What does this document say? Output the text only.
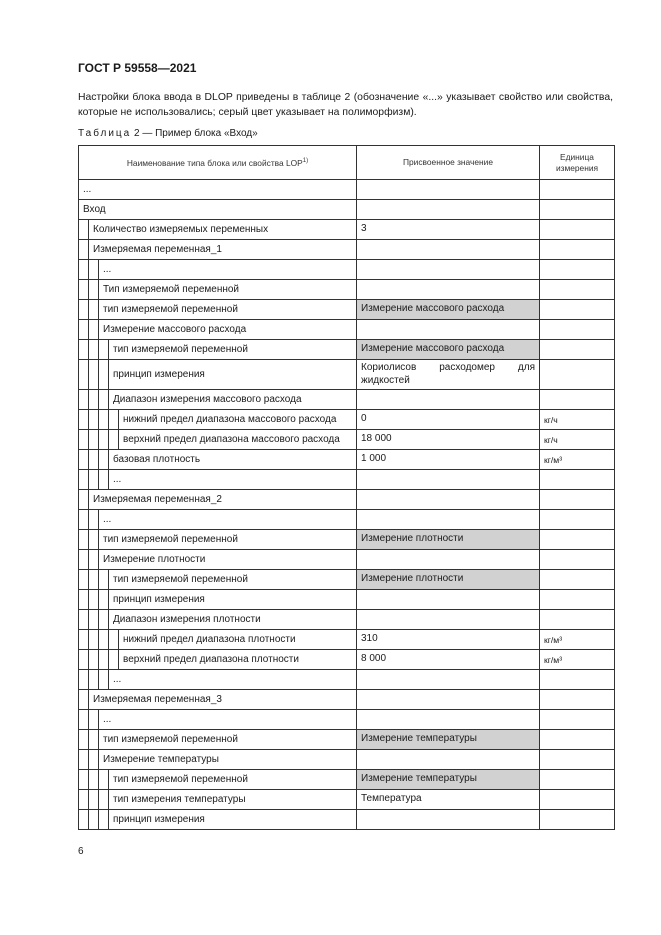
ГОСТ Р 59558—2021

Настройки блока ввода в DLOP приведены в таблице 2 (обозначение «...» указывает свойство или свойства, которые не использовались; серый цвет указывает на полиморфизм).

Таблица 2 — Пример блока «Вход»
Наименование типа блока или свойства LOP$^{1)}$	Присвоенное значение	Единица измерения

...		

Вход		

Количество измеряемых переменных	3	

Измеряемая переменная_1		

...		

Тип измеряемой переменной		

тип измеряемой переменной	Измерение массового расхода	

Измерение массового расхода		

тип измеряемой переменной	Измерение массового расхода	

принцип измерения	Кориолисов расходомер для жидкостей	

Диапазон измерения массового расхода		

нижний предел диапазона массового расхода	0	кг/ч

верхний предел диапазона массового расхода	18 000	кг/ч

базовая плотность	1 000	кг/м³

...		

Измеряемая переменная_2		

...		

тип измеряемой переменной	Измерение плотности	

Измерение плотности		

тип измеряемой переменной	Измерение плотности	

принцип измерения		

Диапазон измерения плотности		

нижний предел диапазона плотности	310	кг/м³

верхний предел диапазона плотности	8 000	кг/м³

...		

Измеряемая переменная_3		

...		

тип измеряемой переменной	Измерение температуры	

Измерение температуры		

тип измеряемой переменной	Измерение температуры	

тип измерения температуры	Температура	

принцип измерения		

6
